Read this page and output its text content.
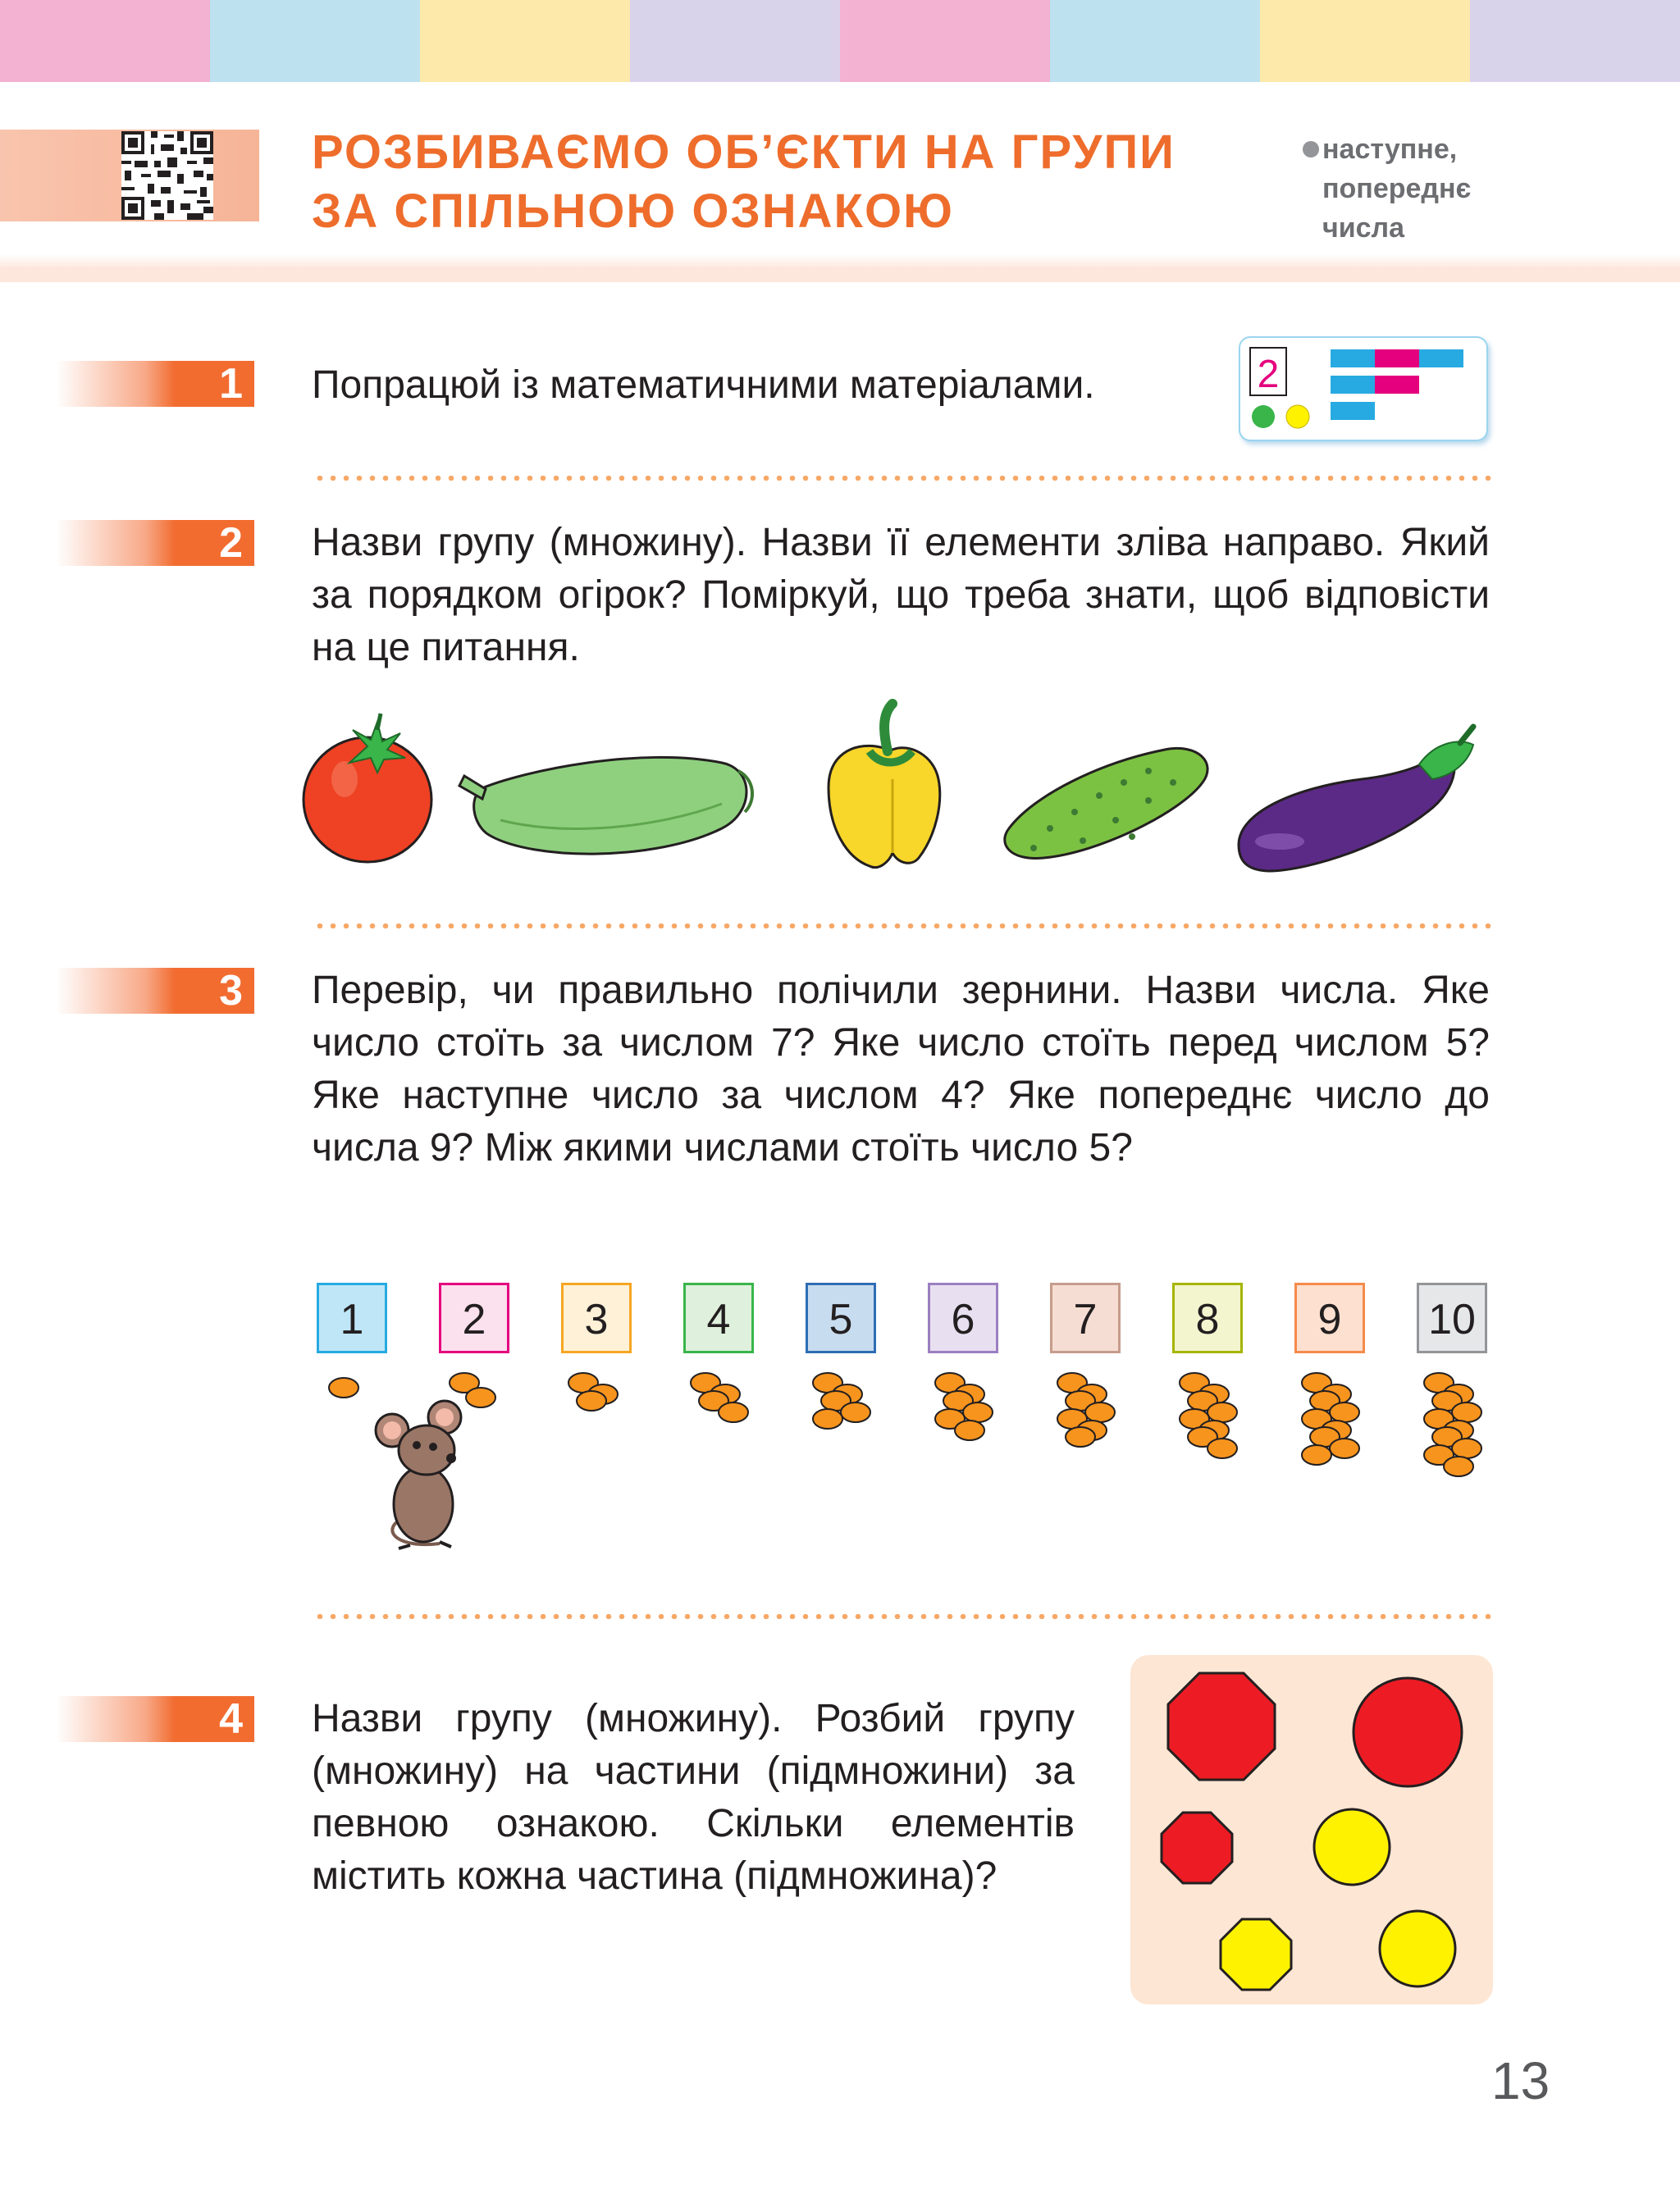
РОЗБИВАЄМО ОБ’ЄКТИ НА ГРУПИ
ЗА СПІЛЬНОЮ ОЗНАКОЮ
наступне,
попереднє
числа
1 Попрацюй із математичними матеріалами.	2
2 Назви групу (множину). Назви її елементи зліва направо. Який за порядком огірок? Поміркуй, що треба знати, щоб відповісти на це питання.

3 Перевір, чи правильно полічили зернини. Назви числа. Яке число стоїть за числом 7? Яке число стоїть перед числом 5? Яке наступне число за числом 4? Яке попереднє число до числа 9? Між якими числами стоїть число 5?

1	2	3	4	5	6	7	8	9	10
4 Назви групу (множину). Розбий групу (множину) на частини (підмножини) за певною ознакою. Скільки елементів містить кожна частина (підмножина)?

13
